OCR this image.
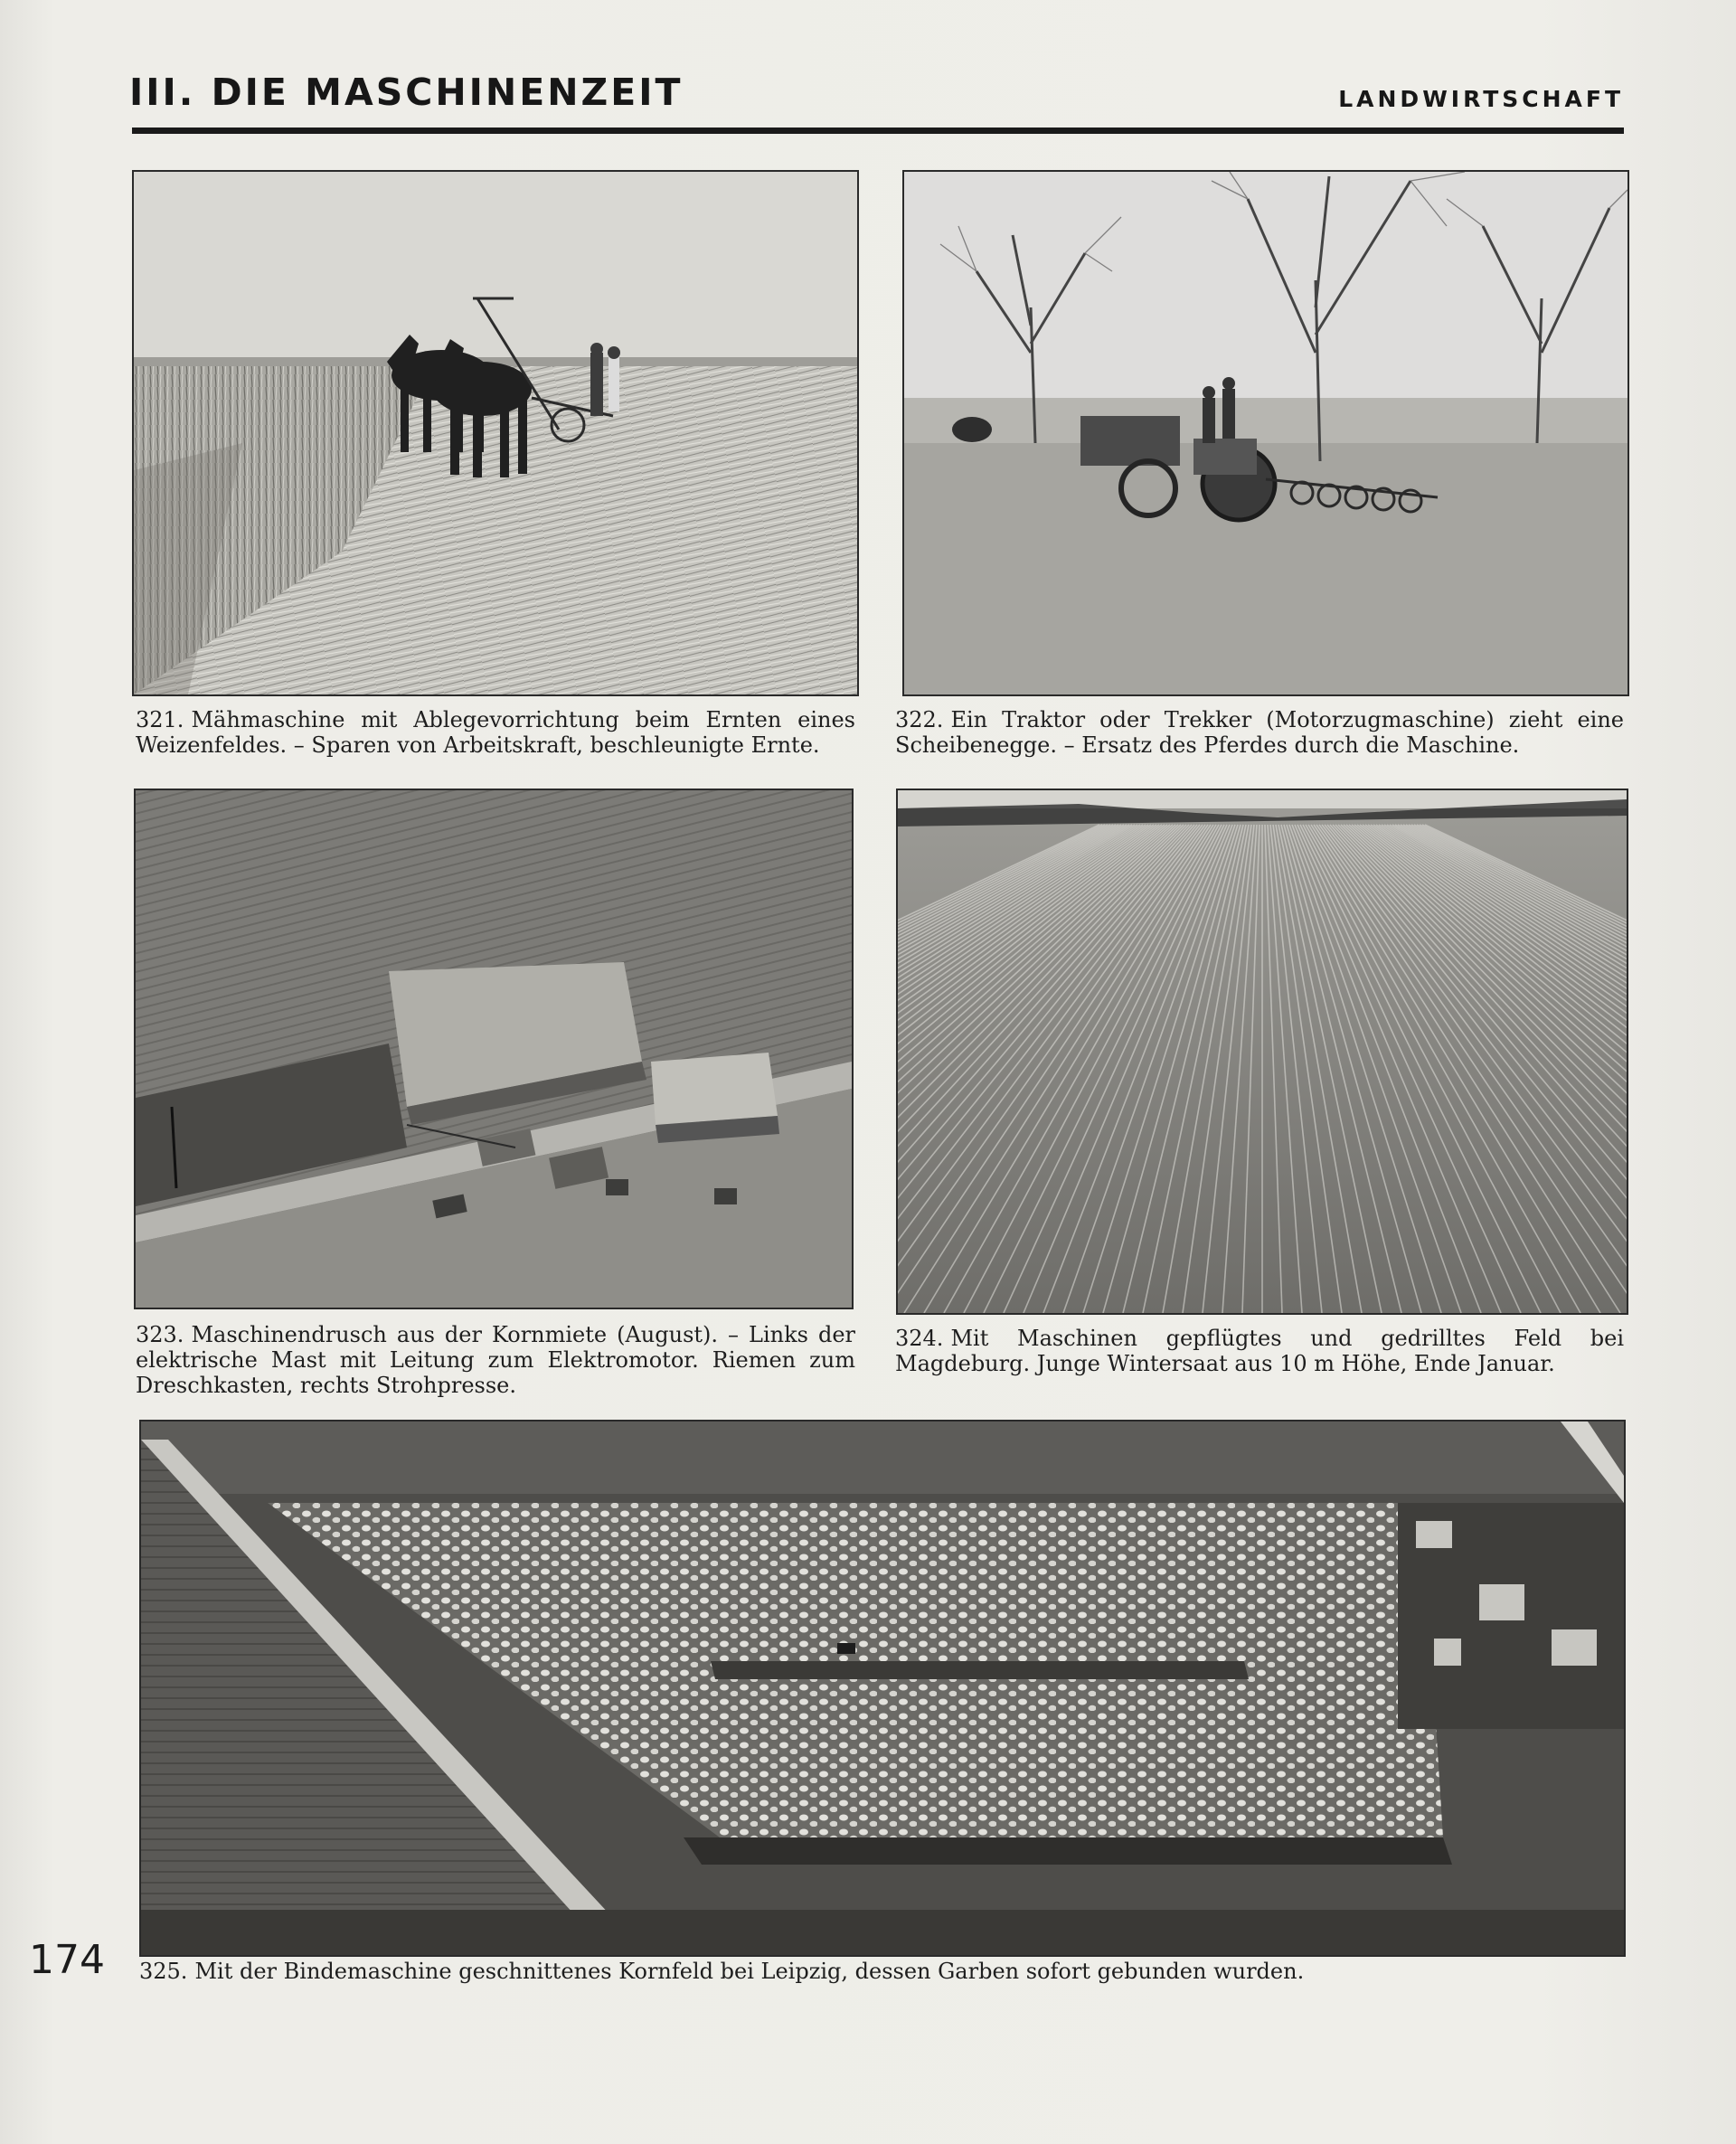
III. DIE MASCHINENZEIT	LANDWIRTSCHAFT
321. Mähmaschine mit Ablegevorrichtung beim Ernten eines Weizenfeldes. – Sparen von Arbeitskraft, beschleunigte Ernte.
322. Ein Traktor oder Trekker (Motorzugmaschine) zieht eine Scheibenegge. – Ersatz des Pferdes durch die Maschine.
323. Maschinendrusch aus der Kornmiete (August). – Links der elektrische Mast mit Leitung zum Elektromotor. Riemen zum Dreschkasten, rechts Strohpresse.
324. Mit Maschinen gepflügtes und gedrilltes Feld bei Magdeburg. Junge Wintersaat aus 10 m Höhe, Ende Januar.
325. Mit der Bindemaschine geschnittenes Kornfeld bei Leipzig, dessen Garben sofort gebunden wurden.
174
